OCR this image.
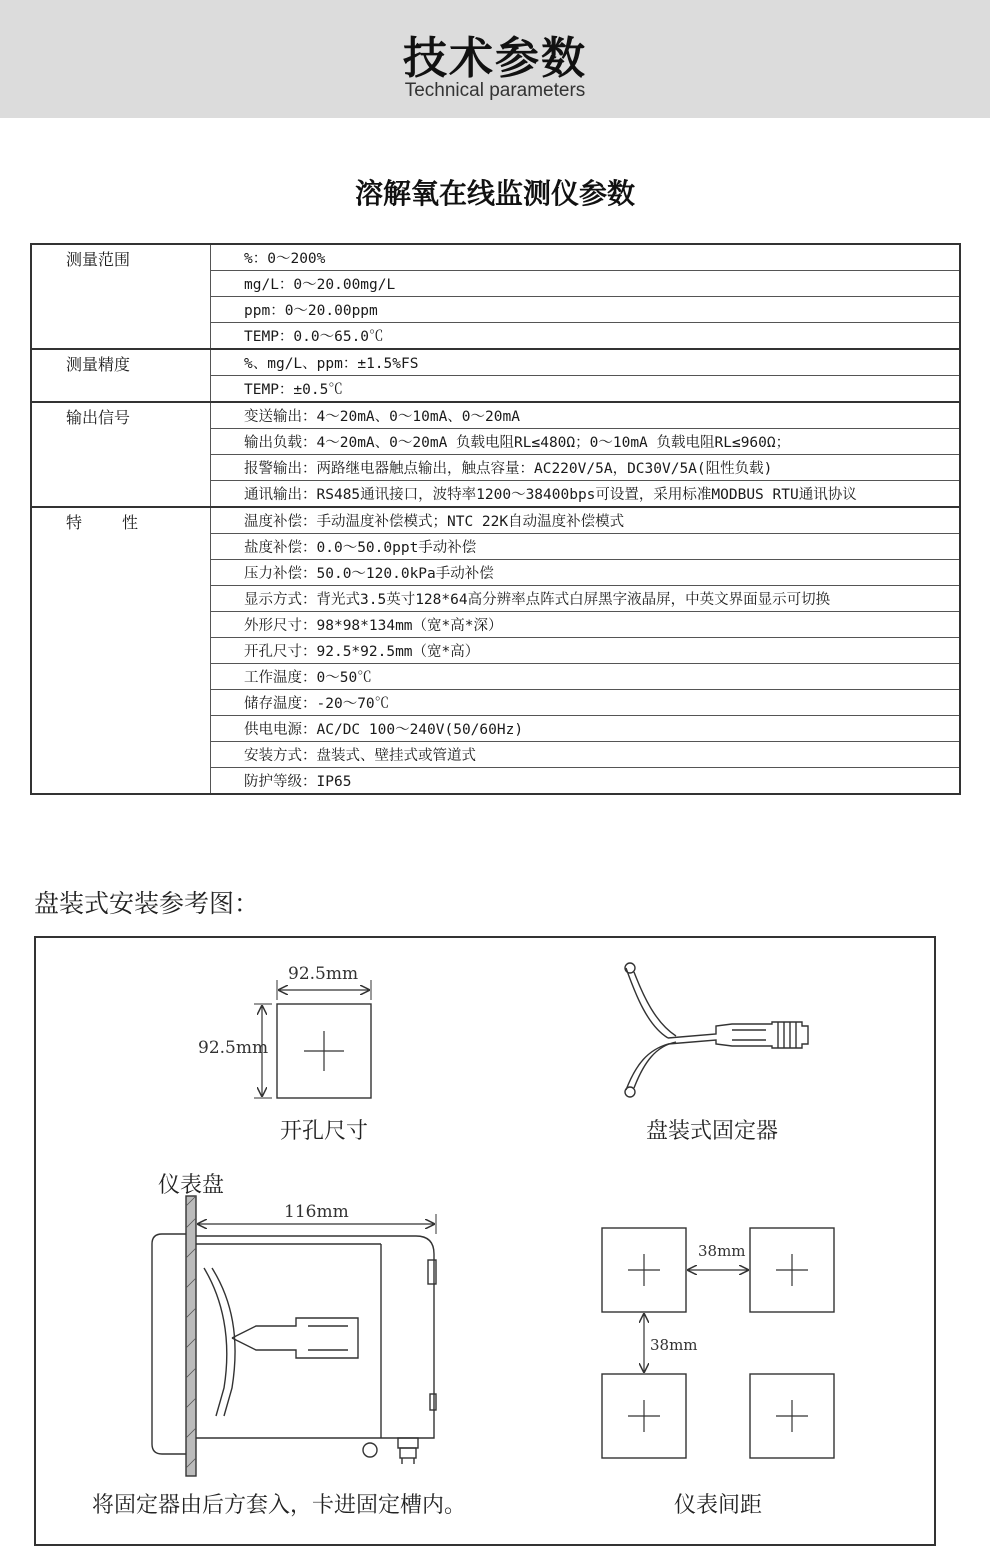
技术参数
Technical parameters
溶解氧在线监测仪参数
测量范围	%：0～200%
	mg/L：0～20.00mg/L
	ppm：0～20.00ppm
	TEMP：0.0～65.0℃
测量精度	%、mg/L、ppm：±1.5%FS
	TEMP：±0.5℃
输出信号	变送输出：4～20mA、0～10mA、0～20mA
	输出负载：4～20mA、0～20mA 负载电阻RL≤480Ω；0～10mA 负载电阻RL≤960Ω；
	报警输出：两路继电器触点输出，触点容量：AC220V/5A，DC30V/5A(阻性负载)
	通讯输出：RS485通讯接口，波特率1200～38400bps可设置，采用标准MODBUS RTU通讯协议
特性	温度补偿：手动温度补偿模式；NTC 22K自动温度补偿模式
	盐度补偿：0.0～50.0ppt手动补偿
	压力补偿：50.0～120.0kPa手动补偿
	显示方式：背光式3.5英寸128*64高分辨率点阵式白屏黑字液晶屏，中英文界面显示可切换
	外形尺寸：98*98*134mm（宽*高*深）
	开孔尺寸：92.5*92.5mm（宽*高）
	工作温度：0～50℃
	储存温度：-20～70℃
	供电电源：AC/DC 100～240V(50/60Hz)
	安装方式：盘装式、壁挂式或管道式
	防护等级：IP65
盘装式安装参考图：
92.5mm
92.5mm
开孔尺寸	盘装式固定器
仪表盘
116mm
38mm
38mm
将固定器由后方套入，卡进固定槽内。	仪表间距
